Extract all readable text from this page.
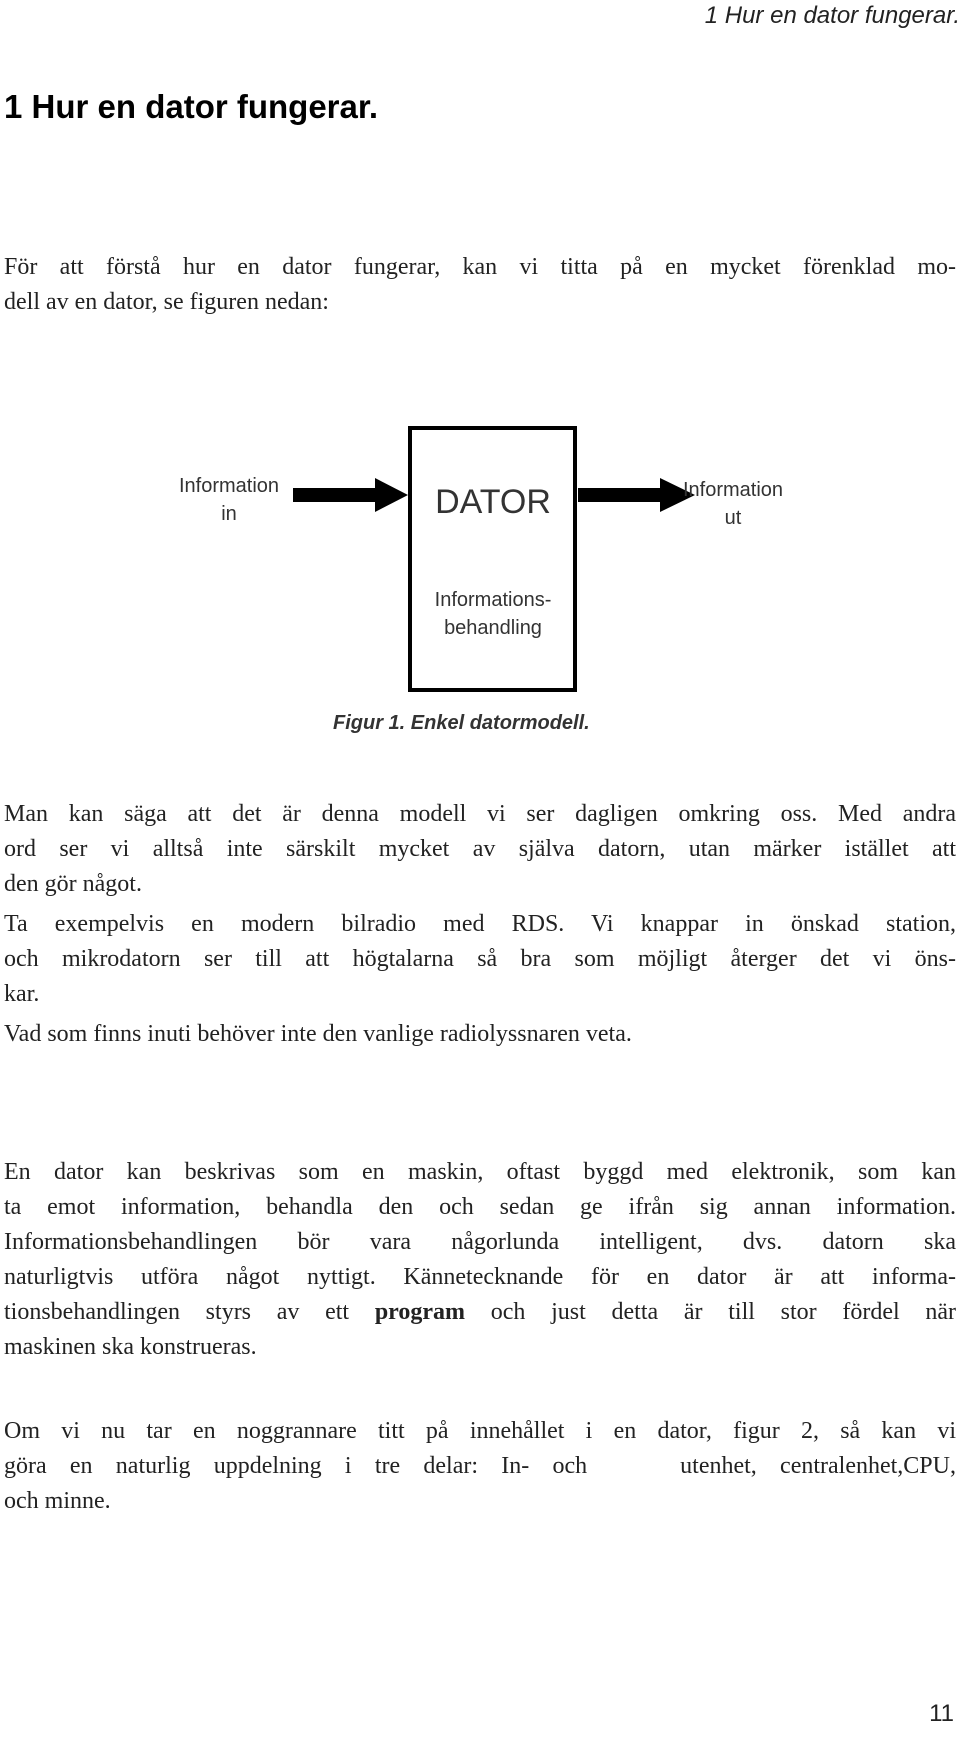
1 Hur en dator fungerar.
1 Hur en dator fungerar.

För att förstå hur en dator fungerar, kan vi titta på en mycket förenklad mo-
dell av en dator, se figuren nedan:

Information
in	DATOR	Information
ut
Informations-
behandling
Figur 1. Enkel datormodell.

Man kan säga att det är denna modell vi ser dagligen omkring oss. Med andra
ord ser vi alltså inte särskilt mycket av själva datorn, utan märker istället att
den gör något.

Ta exempelvis en modern bilradio med RDS. Vi knappar in önskad station,
och mikrodatorn ser till att högtalarna så bra som möjligt återger det vi öns-
kar.

Vad som finns inuti behöver inte den vanlige radiolyssnaren veta.

En dator kan beskrivas som en maskin, oftast byggd med elektronik, som kan
ta emot information, behandla den och sedan ge ifrån sig annan information.
Informationsbehandlingen bör vara någorlunda intelligent, dvs. datorn ska
naturligtvis utföra något nyttigt. Kännetecknande för en dator är att informa-
tionsbehandlingen styrs av ett program och just detta är till stor fördel när
maskinen ska konstrueras.

Om vi nu tar en noggrannare titt på innehållet i en dator, figur 2, så kan vi
göra en naturlig uppdelning i tre delar: In- och    utenhet, centralenhet,CPU,
och minne.

11
